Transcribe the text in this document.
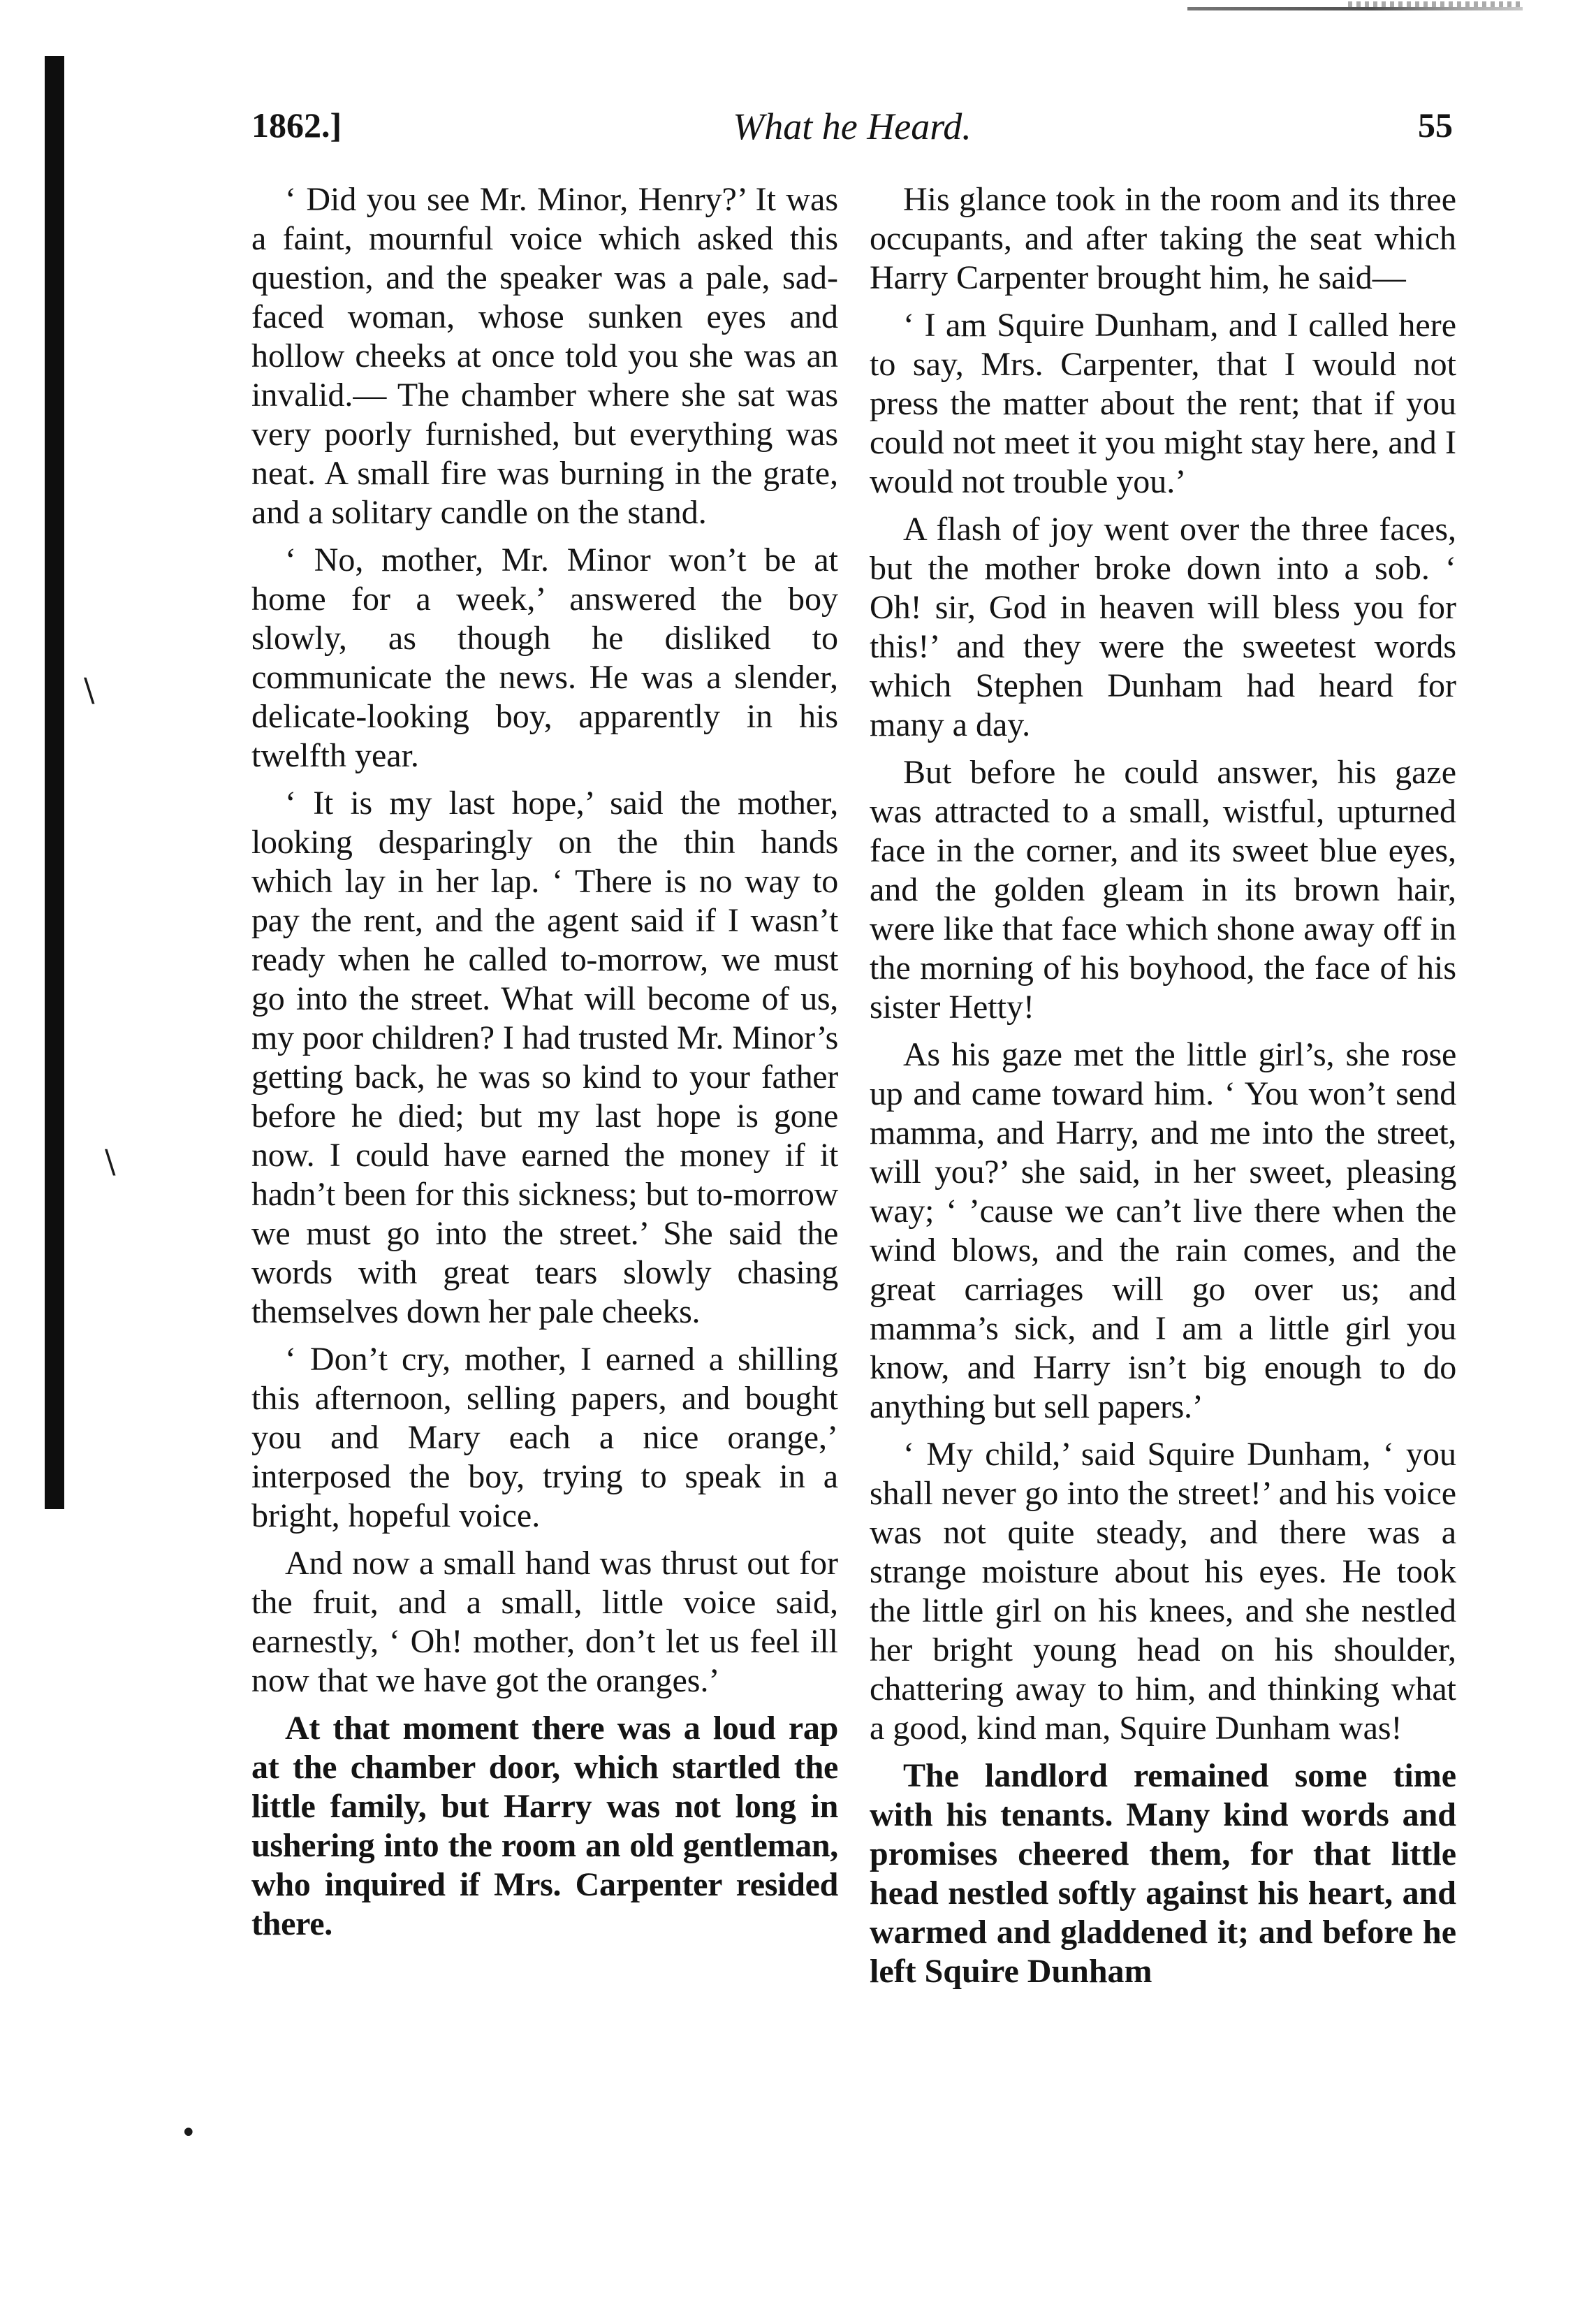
\
\
•
1862.]	What he Heard.	55

‘ Did you see Mr. Minor, Henry?’ It was a faint, mournful voice which asked this question, and the speaker was a pale, sad-faced woman, whose sunken eyes and hollow cheeks at once told you she was an invalid.— The chamber where she sat was very poorly furnished, but everything was neat. A small fire was burning in the grate, and a solitary candle on the stand.

‘ No, mother, Mr. Minor won’t be at home for a week,’ answered the boy slowly, as though he disliked to communicate the news. He was a slender, delicate-looking boy, apparently in his twelfth year.

‘ It is my last hope,’ said the mother, looking desparingly on the thin hands which lay in her lap. ‘ There is no way to pay the rent, and the agent said if I wasn’t ready when he called to-morrow, we must go into the street. What will become of us, my poor children? I had trusted Mr. Minor’s getting back, he was so kind to your father before he died; but my last hope is gone now. I could have earned the money if it hadn’t been for this sickness; but to-morrow we must go into the street.’ She said the words with great tears slowly chasing themselves down her pale cheeks.

‘ Don’t cry, mother, I earned a shilling this afternoon, selling papers, and bought you and Mary each a nice orange,’ interposed the boy, trying to speak in a bright, hopeful voice.

And now a small hand was thrust out for the fruit, and a small, little voice said, earnestly, ‘ Oh! mother, don’t let us feel ill now that we have got the oranges.’

At that moment there was a loud rap at the chamber door, which startled the little family, but Harry was not long in ushering into the room an old gentleman, who inquired if Mrs. Carpenter resided there.

His glance took in the room and its three occupants, and after taking the seat which Harry Carpenter brought him, he said—

‘ I am Squire Dunham, and I called here to say, Mrs. Carpenter, that I would not press the matter about the rent; that if you could not meet it you might stay here, and I would not trouble you.’

A flash of joy went over the three faces, but the mother broke down into a sob. ‘ Oh! sir, God in heaven will bless you for this!’ and they were the sweetest words which Stephen Dunham had heard for many a day.

But before he could answer, his gaze was attracted to a small, wistful, upturned face in the corner, and its sweet blue eyes, and the golden gleam in its brown hair, were like that face which shone away off in the morning of his boyhood, the face of his sister Hetty!

As his gaze met the little girl’s, she rose up and came toward him. ‘ You won’t send mamma, and Harry, and me into the street, will you?’ she said, in her sweet, pleasing way; ‘ ’cause we can’t live there when the wind blows, and the rain comes, and the great carriages will go over us; and mamma’s sick, and I am a little girl you know, and Harry isn’t big enough to do anything but sell papers.’

‘ My child,’ said Squire Dunham, ‘ you shall never go into the street!’ and his voice was not quite steady, and there was a strange moisture about his eyes. He took the little girl on his knees, and she nestled her bright young head on his shoulder, chattering away to him, and thinking what a good, kind man, Squire Dunham was!

The landlord remained some time with his tenants. Many kind words and promises cheered them, for that little head nestled softly against his heart, and warmed and gladdened it; and before he left Squire Dunham
